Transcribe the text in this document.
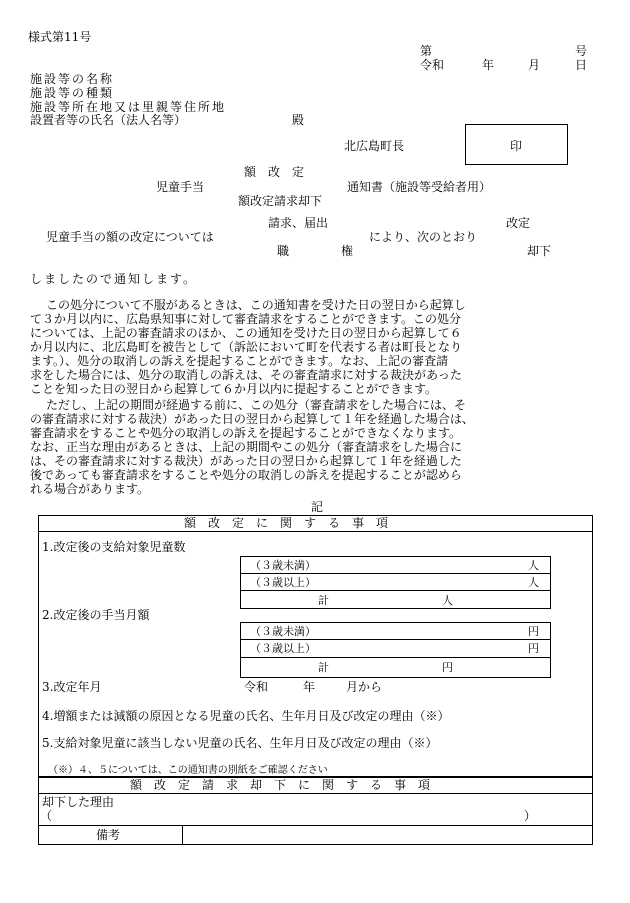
様式第11号
第	号
令和	年	月	日
施設等の名称
施設等の種類
施設等所在地又は里親等住所地
設置者等の氏名（法人名等）	殿
北広島町長	印
額　改　定
児童手当	通知書（施設等受給者用）
額改定請求却下
請求、届出	改定
児童手当の額の改定については	により、次のとおり
職	権	却下
しましたので通知します。
この処分について不服があるときは、この通知書を受けた日の翌日から起算し
て３か月以内に、広島県知事に対して審査請求をすることができます。この処分
については、上記の審査請求のほか、この通知を受けた日の翌日から起算して６
か月以内に、北広島町を被告として（訴訟において町を代表する者は町長となり
ます。）、処分の取消しの訴えを提起することができます。なお、上記の審査請
求をした場合には、処分の取消しの訴えは、その審査請求に対する裁決があった
ことを知った日の翌日から起算して６か月以内に提起することができます。
ただし、上記の期間が経過する前に、この処分（審査請求をした場合には、そ
の審査請求に対する裁決）があった日の翌日から起算して１年を経過した場合は、
審査請求をすることや処分の取消しの訴えを提起することができなくなります。
なお、正当な理由があるときは、上記の期間やこの処分（審査請求をした場合に
は、その審査請求に対する裁決）があった日の翌日から起算して１年を経過した
後であっても審査請求をすることや処分の取消しの訴えを提起することが認めら
れる場合があります。
記
額　改　定　に　関　す　る　事　項
1.改定後の支給対象児童数
（３歳未満）	人
（３歳以上）	人
計	人
2.改定後の手当月額
（３歳未満）	円
（３歳以上）	円
計	円
3.改定年月	令和	年	月から
4.増額または減額の原因となる児童の氏名、生年月日及び改定の理由（※）
5.支給対象児童に該当しない児童の氏名、生年月日及び改定の理由（※）
（※）４、５については、この通知書の別紙をご確認ください
額　改　定　請　求　却　下　に　関　す　る　事　項
却下した理由
（	）
備考
